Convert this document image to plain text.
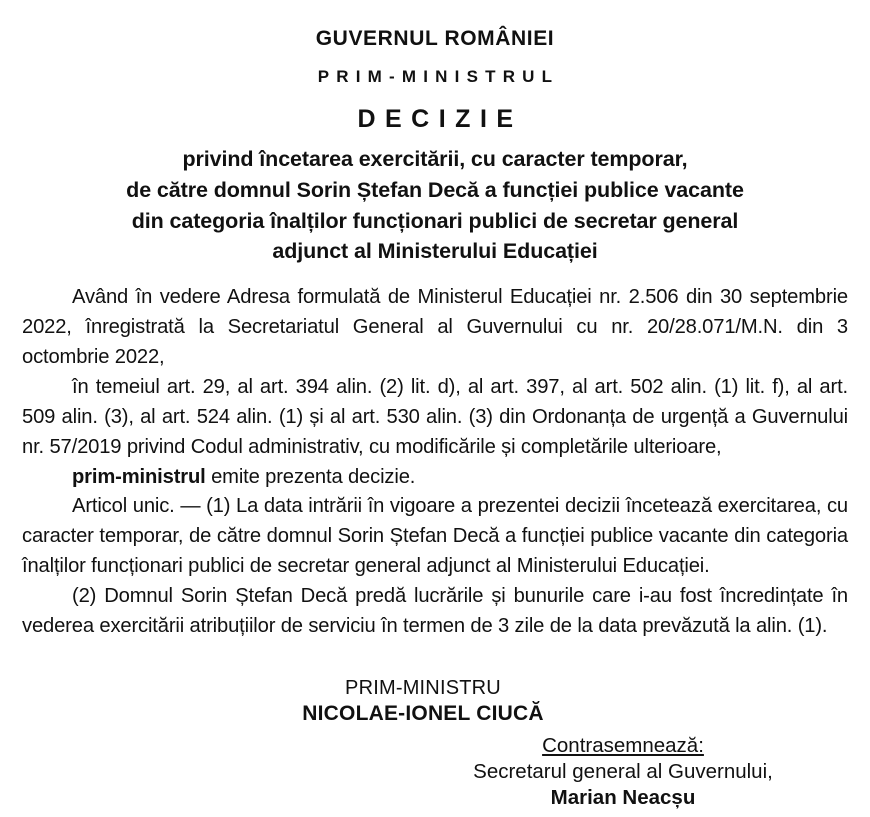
GUVERNUL ROMÂNIEI
PRIM-MINISTRUL
DECIZIE
privind încetarea exercitării, cu caracter temporar,
de către domnul Sorin Ștefan Decă a funcției publice vacante
din categoria înalților funcționari publici de secretar general
adjunct al Ministerului Educației

Având în vedere Adresa formulată de Ministerul Educației nr. 2.506 din 30 septembrie 2022, înregistrată la Secretariatul General al Guvernului cu nr. 20/28.071/M.N. din 3 octombrie 2022,

în temeiul art. 29, al art. 394 alin. (2) lit. d), al art. 397, al art. 502 alin. (1) lit. f), al art. 509 alin. (3), al art. 524 alin. (1) și al art. 530 alin. (3) din Ordonanța de urgență a Guvernului nr. 57/2019 privind Codul administrativ, cu modificările și completările ulterioare,

prim-ministrul emite prezenta decizie.

Articol unic. — (1) La data intrării în vigoare a prezentei decizii încetează exercitarea, cu caracter temporar, de către domnul Sorin Ștefan Decă a funcției publice vacante din categoria înalților funcționari publici de secretar general adjunct al Ministerului Educației.

(2) Domnul Sorin Ștefan Decă predă lucrările și bunurile care i-au fost încredințate în vederea exercitării atribuțiilor de serviciu în termen de 3 zile de la data prevăzută la alin. (1).

PRIM-MINISTRU
NICOLAE-IONEL CIUCĂ
Contrasemnează:
Secretarul general al Guvernului,
Marian Neacșu
